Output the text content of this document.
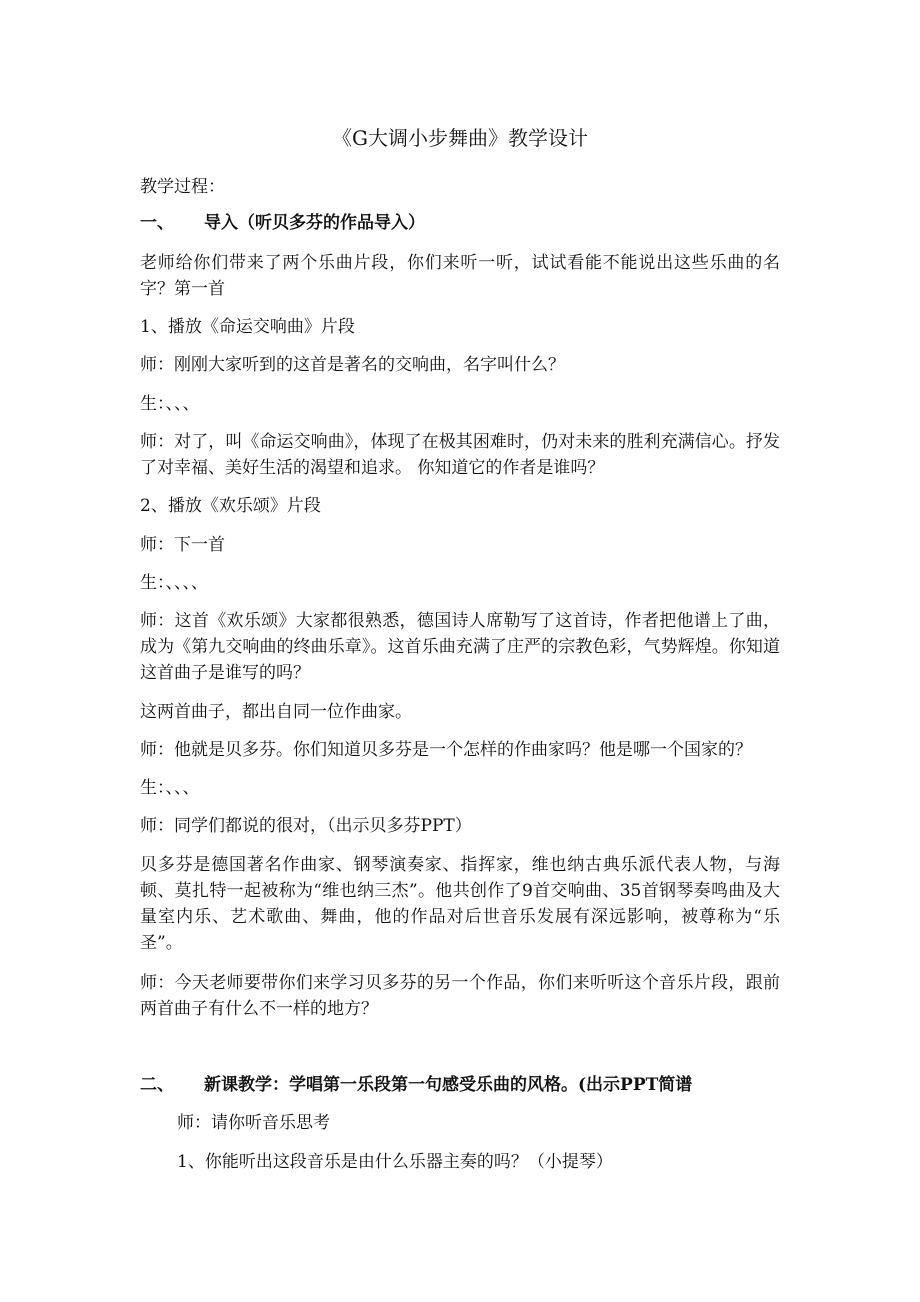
《G大调小步舞曲》教学设计
教学过程：
一、 导入（听贝多芬的作品导入）
老师给你们带来了两个乐曲片段，你们来听一听，试试看能不能说出这些乐曲的名字？第一首
1、播放《命运交响曲》片段
师：刚刚大家听到的这首是著名的交响曲，名字叫什么？
生：、、、
师：对了，叫《命运交响曲》，体现了在极其困难时，仍对未来的胜利充满信心。抒发了对幸福、美好生活的渴望和追求。 你知道它的作者是谁吗？
2、播放《欢乐颂》片段
师：下一首
生：、、、、
师：这首《欢乐颂》大家都很熟悉，德国诗人席勒写了这首诗，作者把他谱上了曲，成为《第九交响曲的终曲乐章》。这首乐曲充满了庄严的宗教色彩，气势辉煌。你知道这首曲子是谁写的吗？
这两首曲子，都出自同一位作曲家。
师：他就是贝多芬。你们知道贝多芬是一个怎样的作曲家吗？他是哪一个国家的？
生：、、、
师：同学们都说的很对，（出示贝多芬PPT）
贝多芬是德国著名作曲家、钢琴演奏家、指挥家，维也纳古典乐派代表人物，与海顿、莫扎特一起被称为“维也纳三杰”。他共创作了9首交响曲、35首钢琴奏鸣曲及大量室内乐、艺术歌曲、舞曲，他的作品对后世音乐发展有深远影响，被尊称为“乐圣”。
师：今天老师要带你们来学习贝多芬的另一个作品，你们来听听这个音乐片段，跟前两首曲子有什么不一样的地方？
二、 新课教学：学唱第一乐段第一句感受乐曲的风格。(出示PPT简谱
师：请你听音乐思考
1、你能听出这段音乐是由什么乐器主奏的吗？（小提琴）
